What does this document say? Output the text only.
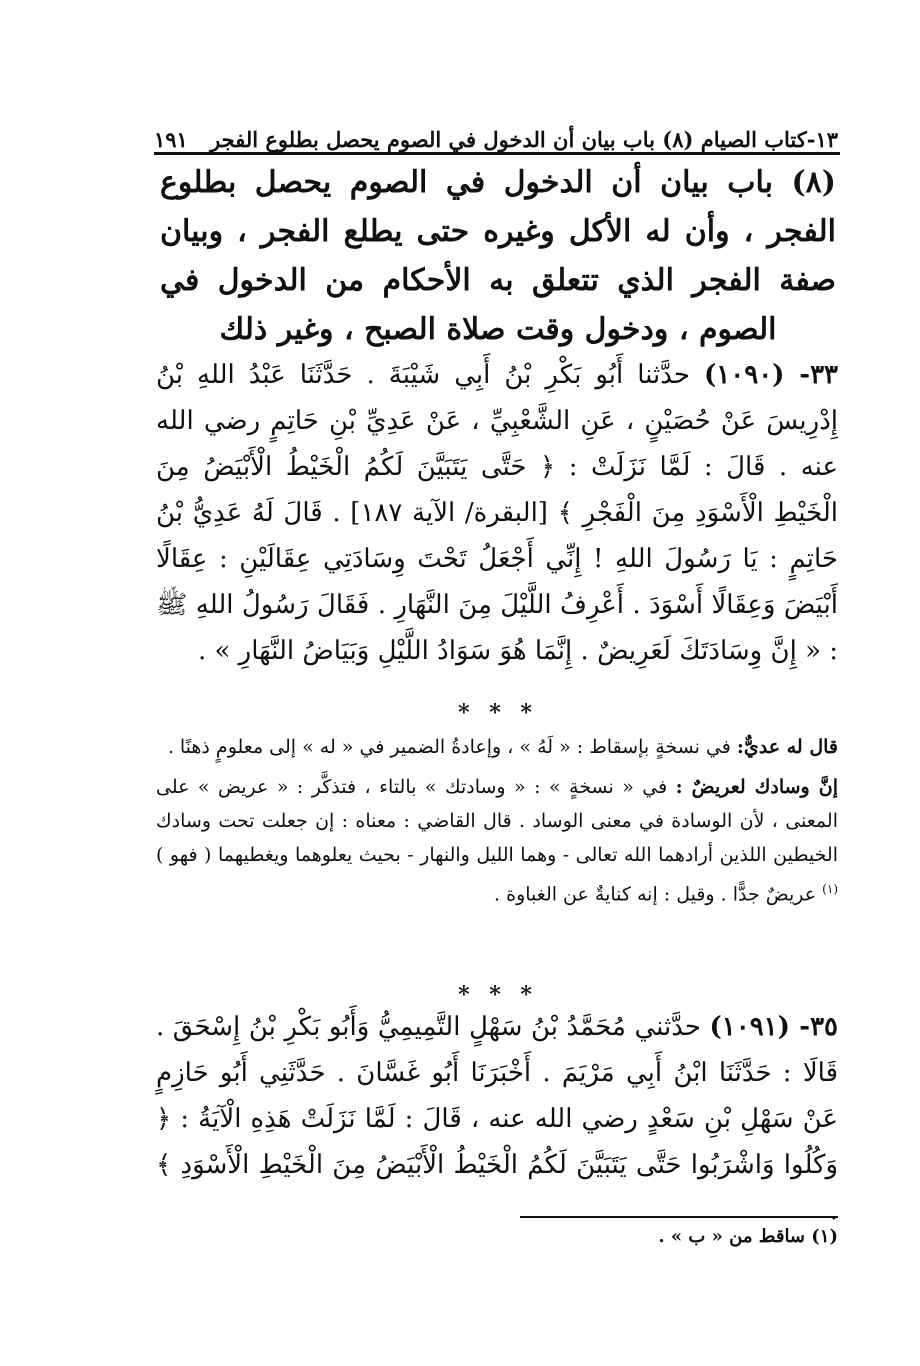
١٣-كتاب الصيام (٨) باب بيان أن الدخول في الصوم يحصل بطلوع الفجر
١٩١
(٨) باب بيان أن الدخول في الصوم يحصل بطلوع الفجر ، وأن له الأكل وغيره حتى يطلع الفجر ، وبيان صفة الفجر الذي تتعلق به الأحكام من الدخول في الصوم ، ودخول وقت صلاة الصبح ، وغير ذلك

٣٣- (١٠٩٠) حدَّثنا أَبُو بَكْرِ بْنُ أَبِي شَيْبَةَ . حَدَّثَنَا عَبْدُ اللهِ بْنُ إِدْرِيسَ عَنْ حُصَيْنٍ ، عَنِ الشَّعْبِيِّ ، عَنْ عَدِيِّ بْنِ حَاتِمٍ رضي الله عنه . قَالَ : لَمَّا نَزَلَتْ : ﴿ حَتَّى يَتَبَيَّنَ لَكُمُ الْخَيْطُ الْأَبْيَضُ مِنَ الْخَيْطِ الْأَسْوَدِ مِنَ الْفَجْرِ ﴾ [البقرة/ الآية ١٨٧] . قَالَ لَهُ عَدِيُّ بْنُ حَاتِمٍ : يَا رَسُولَ اللهِ ! إِنِّي أَجْعَلُ تَحْتَ وِسَادَتِي عِقَالَيْنِ : عِقَالًا أَبْيَضَ وَعِقَالًا أَسْوَدَ . أَعْرِفُ اللَّيْلَ مِنَ النَّهَارِ . فَقَالَ رَسُولُ اللهِ ﷺ : « إِنَّ وِسَادَتَكَ لَعَرِيضٌ . إِنَّمَا هُوَ سَوَادُ اللَّيْلِ وَبَيَاضُ النَّهَارِ » .

* * *

قال له عديٌّ: في نسخةٍ بإسقاط : « لَهُ » ، وإعادةُ الضمير في « له » إلى معلومٍ ذهنًا .

إنَّ وسادك لعريضٌ : في « نسخةٍ » : « وسادتك » بالتاء ، فتذكَّر : « عريض » على المعنى ، لأن الوسادة في معنى الوساد . قال القاضي : معناه : إن جعلت تحت وسادك الخيطين اللذين أرادهما الله تعالى - وهما الليل والنهار - بحيث يعلوهما ويغطيهما ( فهو )$^{(١)}$ عريضٌ جدًّا . وقيل : إنه كنايةٌ عن الغباوة .

* * *

٣٥- (١٠٩١) حدَّثني مُحَمَّدُ بْنُ سَهْلٍ التَّمِيمِيُّ وَأَبُو بَكْرِ بْنُ إِسْحَقَ . قَالَا : حَدَّثَنَا ابْنُ أَبِي مَرْيَمَ . أَخْبَرَنَا أَبُو غَسَّانَ . حَدَّثَنِي أَبُو حَازِمٍ عَنْ سَهْلِ بْنِ سَعْدٍ رضي الله عنه ، قَالَ : لَمَّا نَزَلَتْ هَذِهِ الْآيَةُ : ﴿ وَكُلُوا وَاشْرَبُوا حَتَّى يَتَبَيَّنَ لَكُمُ الْخَيْطُ الْأَبْيَضُ مِنَ الْخَيْطِ الْأَسْوَدِ ﴾ .

(١) ساقط من « ب » .
